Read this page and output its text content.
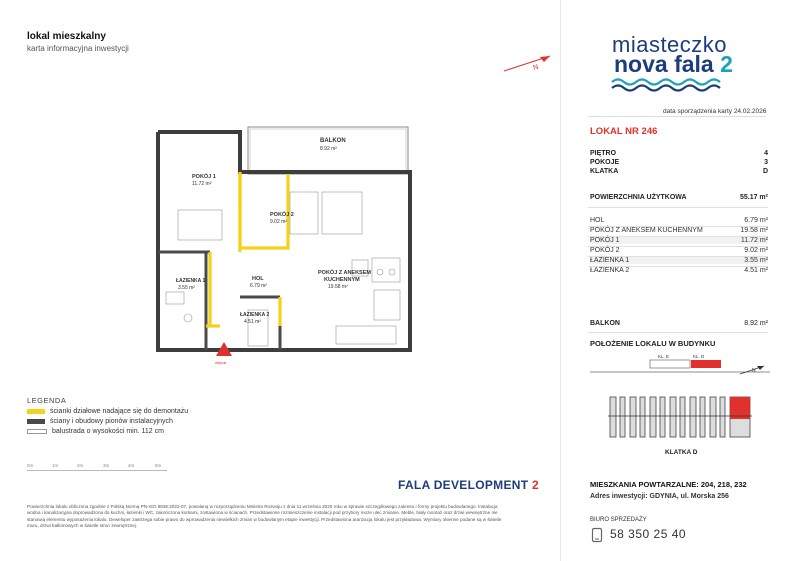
lokal mieszkalny
karta informacyjna inwestycji
N
miasteczko
nova fala 2
data sporządzenia karty 24.02.2026
LOKAL NR 246
PIĘTRO	4
POKOJE	3
KLATKA	D
POWIERZCHNIA UŻYTKOWA	55.17 m²
HOL	6.79 m²
POKÓJ Z ANEKSEM KUCHENNYM	19.58 m²
POKÓJ 1	11.72 m²
POKÓJ 2	9.02 m²
ŁAZIENKA 1	3.55 m²
ŁAZIENKA 2	4.51 m²
BALKON	8.92 m²
POŁOŻENIE LOKALU W BUDYNKU
KL. E	KL. D
N
KLATKA D
MIESZKANIA POWTARZALNE: 204, 218, 232
Adres inwestycji: GDYNIA, ul. Morska 256
BIURO SPRZEDAŻY
58 350 25 40
BALKON
8.92 m²
POKÓJ 1
11.72 m²
POKÓJ 2
9.02 m²
ŁAZIENKA 1
3.55 m²
HOL
6.79 m²
POKÓJ Z ANEKSEM
KUCHENNYM
19.58 m²
ŁAZIENKA 2
4.51 m²
wejście
LEGENDA
ścianki działowe nadające się do demontażu
ściany i obudowy pionów instalacyjnych
balustrada o wysokości min. 112 cm
0m	1m	2m	3m	4m	5m
FALA DEVELOPMENT 2
Powierzchnia lokalu obliczona zgodnie z Polską Normą PN-ISO 9836:2022-07, powołaną w rozporządzeniu Ministra Rozwoju z dnia 11 września 2020 roku w sprawie szczegółowego zakresu i formy projektu budowlanego. Instalacja wodna i kanalizacyjna doprowadzona do kuchni, łazienki i WC, zakończona korkami, zostawiona w ścianach. Przedstawione rozmieszczenie instalacji pod przybory może ulec zmianie. Meble, biały montaż oraz drzwi wewnętrzne nie stanowią elementu wyposażenia lokalu. Deweloper zastrzega sobie prawo do wprowadzenia niewielkich zmian w budowlanym etapie inwestycji. Przedstawiona aranżacja lokalu jest przykładowa. Wymiary okienne podane są w świetle muru, drzwi balkonowych w świetle stron zewnętrznej.
